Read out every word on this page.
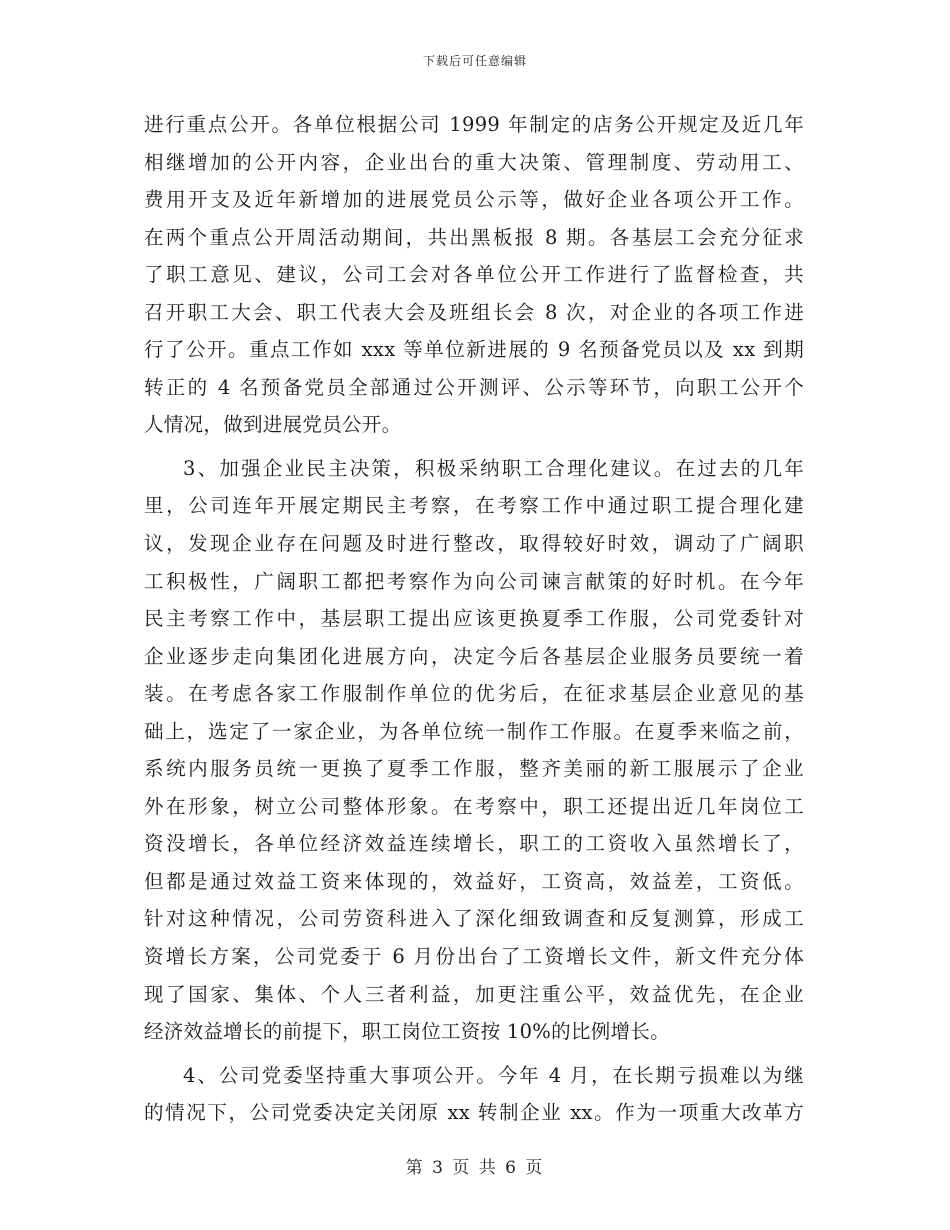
下载后可任意编辑
进行重点公开。各单位根据公司 1999 年制定的店务公开规定及近几年
相继增加的公开内容，企业出台的重大决策、管理制度、劳动用工、
费用开支及近年新增加的进展党员公示等，做好企业各项公开工作。
在两个重点公开周活动期间，共出黑板报 8 期。各基层工会充分征求
了职工意见、建议，公司工会对各单位公开工作进行了监督检查，共
召开职工大会、职工代表大会及班组长会 8 次，对企业的各项工作进
行了公开。重点工作如 xxx 等单位新进展的 9 名预备党员以及 xx 到期
转正的 4 名预备党员全部通过公开测评、公示等环节，向职工公开个
人情况，做到进展党员公开。
3、加强企业民主决策，积极采纳职工合理化建议。在过去的几年
里，公司连年开展定期民主考察，在考察工作中通过职工提合理化建
议，发现企业存在问题及时进行整改，取得较好时效，调动了广阔职
工积极性，广阔职工都把考察作为向公司谏言献策的好时机。在今年
民主考察工作中，基层职工提出应该更换夏季工作服，公司党委针对
企业逐步走向集团化进展方向，决定今后各基层企业服务员要统一着
装。在考虑各家工作服制作单位的优劣后，在征求基层企业意见的基
础上，选定了一家企业，为各单位统一制作工作服。在夏季来临之前，
系统内服务员统一更换了夏季工作服，整齐美丽的新工服展示了企业
外在形象，树立公司整体形象。在考察中，职工还提出近几年岗位工
资没增长，各单位经济效益连续增长，职工的工资收入虽然增长了，
但都是通过效益工资来体现的，效益好，工资高，效益差，工资低。
针对这种情况，公司劳资科进入了深化细致调查和反复测算，形成工
资增长方案，公司党委于 6 月份出台了工资增长文件，新文件充分体
现了国家、集体、个人三者利益，加更注重公平，效益优先，在企业
经济效益增长的前提下，职工岗位工资按 10%的比例增长。
4、公司党委坚持重大事项公开。今年 4 月，在长期亏损难以为继
的情况下，公司党委决定关闭原 xx 转制企业 xx。作为一项重大改革方
第 3 页 共 6 页
